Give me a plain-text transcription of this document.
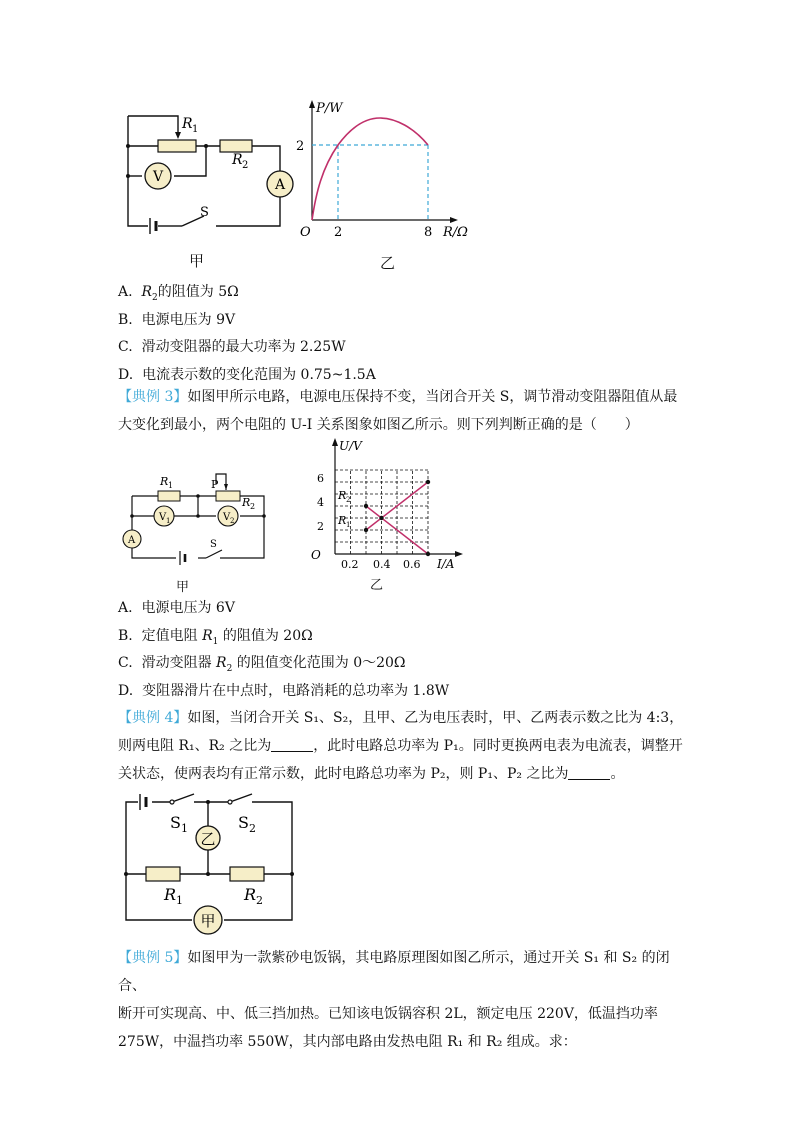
V	A
R 1
R 2
S
甲
P/W
2
O 2	8 R/Ω
乙
A. $R_2$的阻值为 5Ω
B. 电源电压为 9V
C. 滑动变阻器的最大功率为 2.25W
D. 电流表示数的变化范围为 0.75~1.5A
【典例 3】如图甲所示电路，电源电压保持不变，当闭合开关 S，调节滑动变阻器阻值从最大变化到最小，两个电阻的 U-I 关系图象如图乙所示。则下列判断正确的是（　　）
R 1	P
R 2
V 1	V 2
A	S
甲
U/V
O
2
4
6
0.2 0.4 0.6 I/A
R 2
R 1
乙
A. 电源电压为 6V
B. 定值电阻 $R_1$ 的阻值为 20Ω
C. 滑动变阻器 $R_2$ 的阻值变化范围为 0～20Ω
D. 变阻器滑片在中点时，电路消耗的总功率为 1.8W
【典例 4】如图，当闭合开关 S₁、S₂，且甲、乙为电压表时，甲、乙两表示数之比为 4:3，
则两电阻 R₁、R₂ 之比为	，此时电路总功率为 P₁。同时更换两电表为电流表，调整开
关状态，使两表均有正常示数，此时电路总功率为 P₂，则 P₁、P₂ 之比为	。
乙
甲
S 1	S 2
R 1	R 2
【典例 5】如图甲为一款紫砂电饭锅，其电路原理图如图乙所示，通过开关 S₁ 和 S₂ 的闭合、
断开可实现高、中、低三挡加热。已知该电饭锅容积 2L，额定电压 220V，低温挡功率
275W，中温挡功率 550W，其内部电路由发热电阻 R₁ 和 R₂ 组成。求：
